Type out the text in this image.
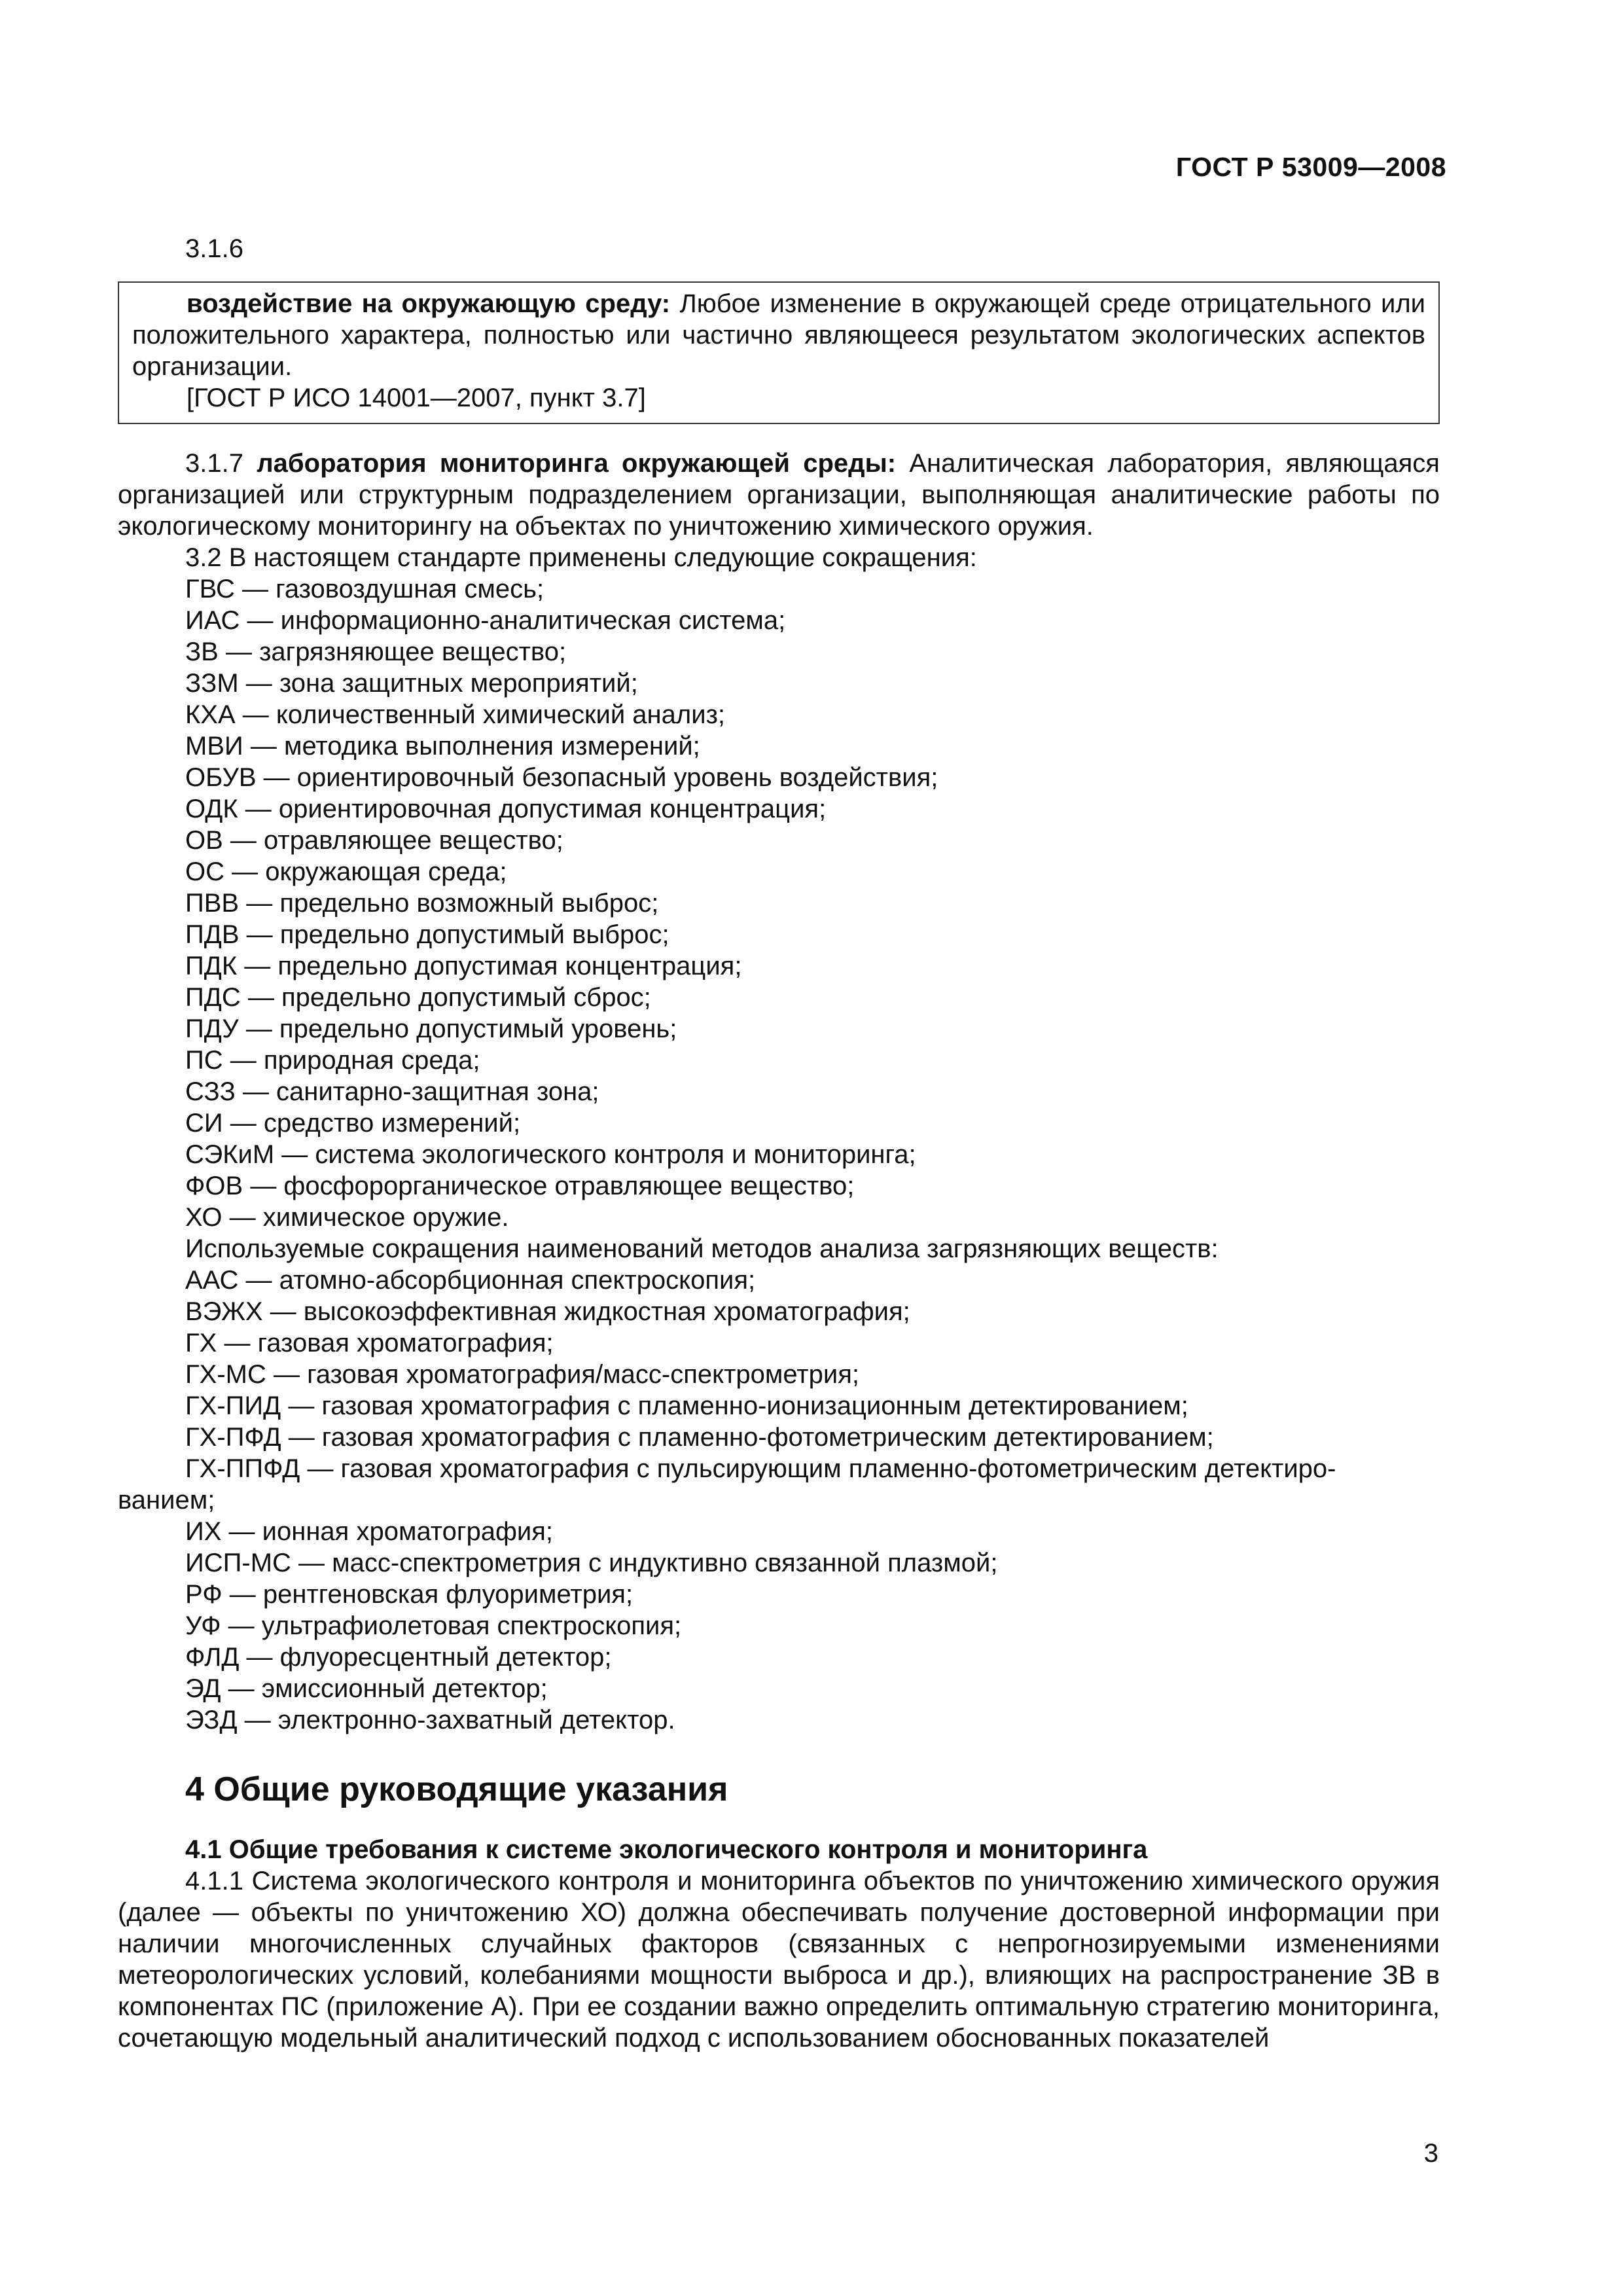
ГОСТ Р 53009—2008

3.1.6

воздействие на окружающую среду: Любое изменение в окружающей среде отрицательного или положительного характера, полностью или частично являющееся результатом экологических аспектов организации.

[ГОСТ Р ИСО 14001—2007, пункт 3.7]

3.1.7 лаборатория мониторинга окружающей среды: Аналитическая лаборатория, являющаяся организацией или структурным подразделением организации, выполняющая аналитические работы по экологическому мониторингу на объектах по уничтожению химического оружия.

3.2 В настоящем стандарте применены следующие сокращения:

ГВС — газовоздушная смесь;
ИАС — информационно-аналитическая система;
ЗВ — загрязняющее вещество;
ЗЗМ — зона защитных мероприятий;
КХА — количественный химический анализ;
МВИ — методика выполнения измерений;
ОБУВ — ориентировочный безопасный уровень воздействия;
ОДК — ориентировочная допустимая концентрация;
ОВ — отравляющее вещество;
ОС — окружающая среда;
ПВВ — предельно возможный выброс;
ПДВ — предельно допустимый выброс;
ПДК — предельно допустимая концентрация;
ПДС — предельно допустимый сброс;
ПДУ — предельно допустимый уровень;
ПС — природная среда;
СЗЗ — санитарно-защитная зона;
СИ — средство измерений;
СЭКиМ — система экологического контроля и мониторинга;
ФОВ — фосфорорганическое отравляющее вещество;
ХО — химическое оружие.

Используемые сокращения наименований методов анализа загрязняющих веществ:

ААС — атомно-абсорбционная спектроскопия;
ВЭЖХ — высокоэффективная жидкостная хроматография;
ГХ — газовая хроматография;
ГХ-МС — газовая хроматография/масс-спектрометрия;
ГХ-ПИД — газовая хроматография с пламенно-ионизационным детектированием;
ГХ-ПФД — газовая хроматография с пламенно-фотометрическим детектированием;
ГХ-ППФД — газовая хроматография с пульсирующим пламенно-фотометрическим детектиро-
ванием;
ИХ — ионная хроматография;
ИСП-МС — масс-спектрометрия с индуктивно связанной плазмой;
РФ — рентгеновская флуориметрия;
УФ — ультрафиолетовая спектроскопия;
ФЛД — флуоресцентный детектор;
ЭД — эмиссионный детектор;
ЭЗД — электронно-захватный детектор.
4 Общие руководящие указания

4.1 Общие требования к системе экологического контроля и мониторинга

4.1.1 Система экологического контроля и мониторинга объектов по уничтожению химического оружия (далее — объекты по уничтожению ХО) должна обеспечивать получение достоверной информации при наличии многочисленных случайных факторов (связанных с непрогнозируемыми изменениями метеорологических условий, колебаниями мощности выброса и др.), влияющих на распространение ЗВ в компонентах ПС (приложение А). При ее создании важно определить оптимальную стратегию мониторинга, сочетающую модельный аналитический подход с использованием обоснованных показателей

3
